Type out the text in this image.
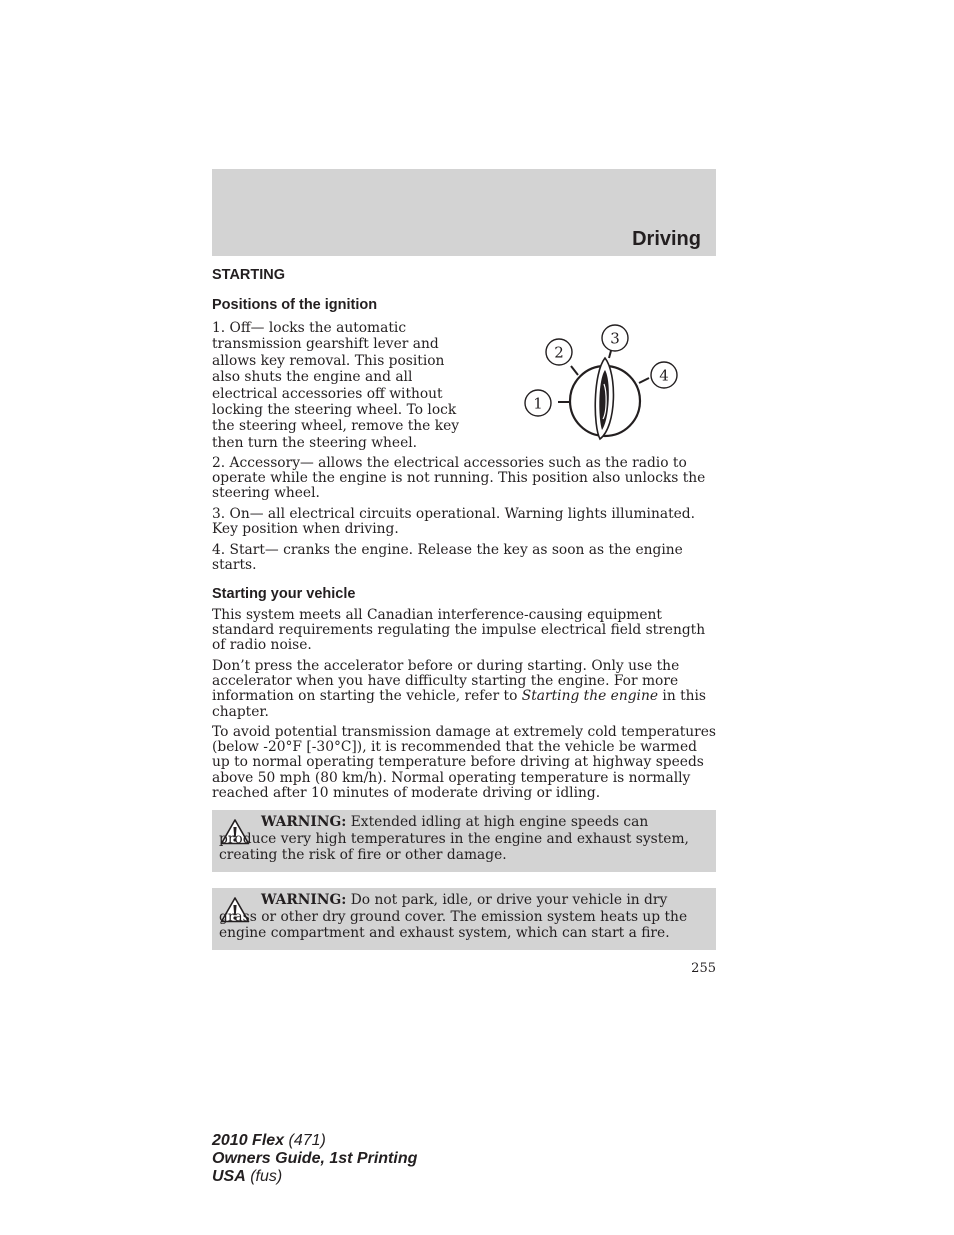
Driving
STARTING
Positions of the ignition

1. Off— locks the automatic transmission gearshift lever and allows key removal. This position also shuts the engine and all electrical accessories off without locking the steering wheel. To lock the steering wheel, remove the key then turn the steering wheel.

1
2
3
4

2. Accessory— allows the electrical accessories such as the radio to operate while the engine is not running. This position also unlocks the steering wheel.

3. On— all electrical circuits operational. Warning lights illuminated. Key position when driving.

4. Start— cranks the engine. Release the key as soon as the engine starts.

Starting your vehicle

This system meets all Canadian interference-causing equipment standard requirements regulating the impulse electrical field strength of radio noise.

Don’t press the accelerator before or during starting. Only use the accelerator when you have difficulty starting the engine. For more information on starting the vehicle, refer to Starting the engine in this chapter.

To avoid potential transmission damage at extremely cold temperatures (below -20°F [-30°C]), it is recommended that the vehicle be warmed up to normal operating temperature before driving at highway speeds above 50 mph (80 km/h). Normal operating temperature is normally reached after 10 minutes of moderate driving or idling.

WARNING: Extended idling at high engine speeds can produce very high temperatures in the engine and exhaust system, creating the risk of fire or other damage.

WARNING: Do not park, idle, or drive your vehicle in dry grass or other dry ground cover. The emission system heats up the engine compartment and exhaust system, which can start a fire.

255
2010 Flex (471)
Owners Guide, 1st Printing
USA (fus)
